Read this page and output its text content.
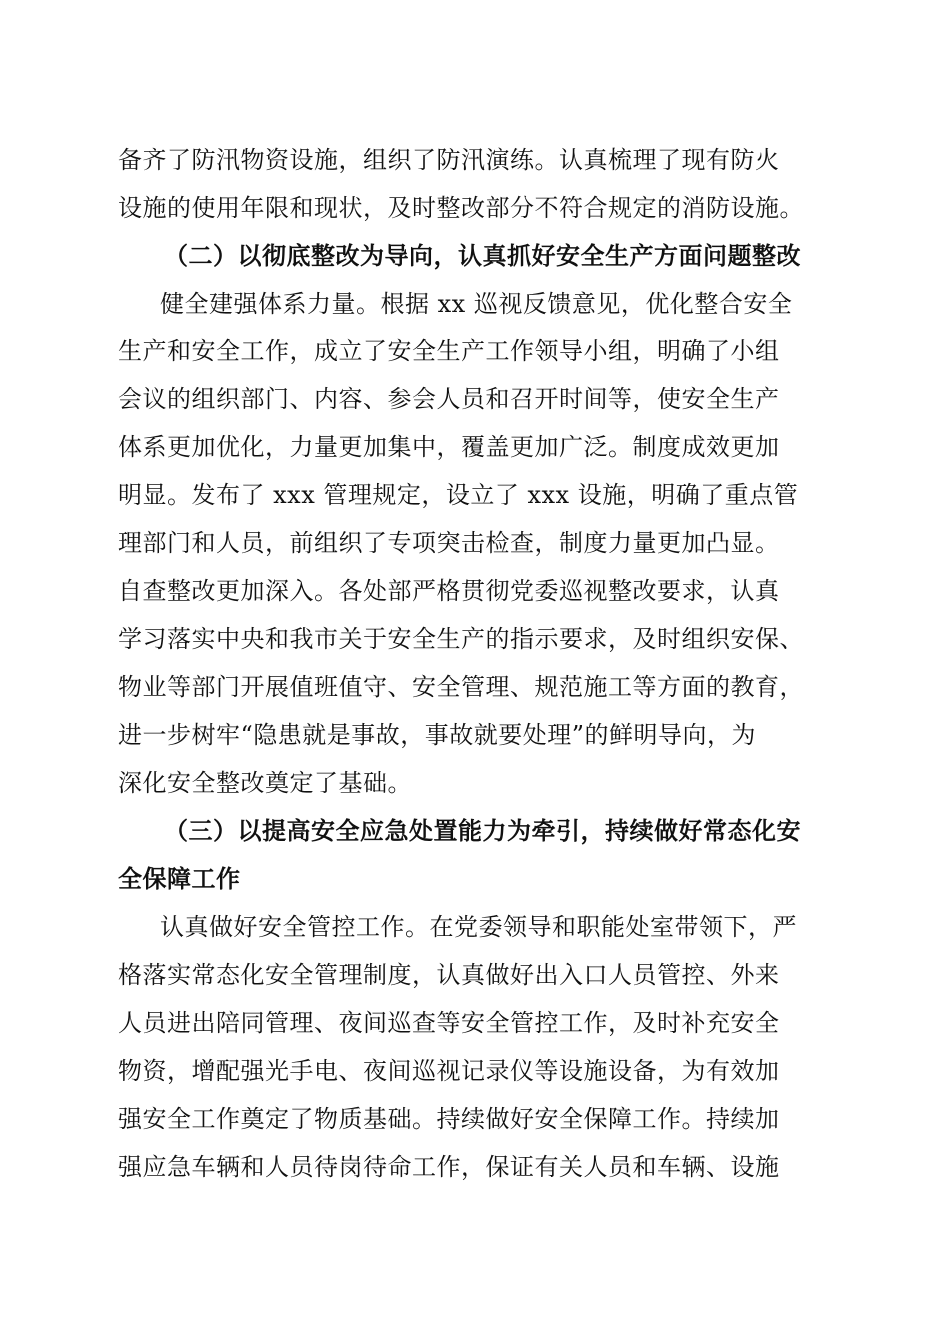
备齐了防汛物资设施，组织了防汛演练。认真梳理了现有防火

设施的使用年限和现状，及时整改部分不符合规定的消防设施。

（二）以彻底整改为导向，认真抓好安全生产方面问题整改

健全建强体系力量。根据 xx 巡视反馈意见，优化整合安全

生产和安全工作，成立了安全生产工作领导小组，明确了小组

会议的组织部门、内容、参会人员和召开时间等，使安全生产

体系更加优化，力量更加集中，覆盖更加广泛。制度成效更加

明显。发布了 xxx 管理规定，设立了 xxx 设施，明确了重点管

理部门和人员，前组织了专项突击检查，制度力量更加凸显。

自查整改更加深入。各处部严格贯彻党委巡视整改要求，认真

学习落实中央和我市关于安全生产的指示要求，及时组织安保、

物业等部门开展值班值守、安全管理、规范施工等方面的教育，

进一步树牢“隐患就是事故，事故就要处理”的鲜明导向，为

深化安全整改奠定了基础。

（三）以提高安全应急处置能力为牵引，持续做好常态化安

全保障工作

认真做好安全管控工作。在党委领导和职能处室带领下，严

格落实常态化安全管理制度，认真做好出入口人员管控、外来

人员进出陪同管理、夜间巡查等安全管控工作，及时补充安全

物资，增配强光手电、夜间巡视记录仪等设施设备，为有效加

强安全工作奠定了物质基础。持续做好安全保障工作。持续加

强应急车辆和人员待岗待命工作，保证有关人员和车辆、设施
